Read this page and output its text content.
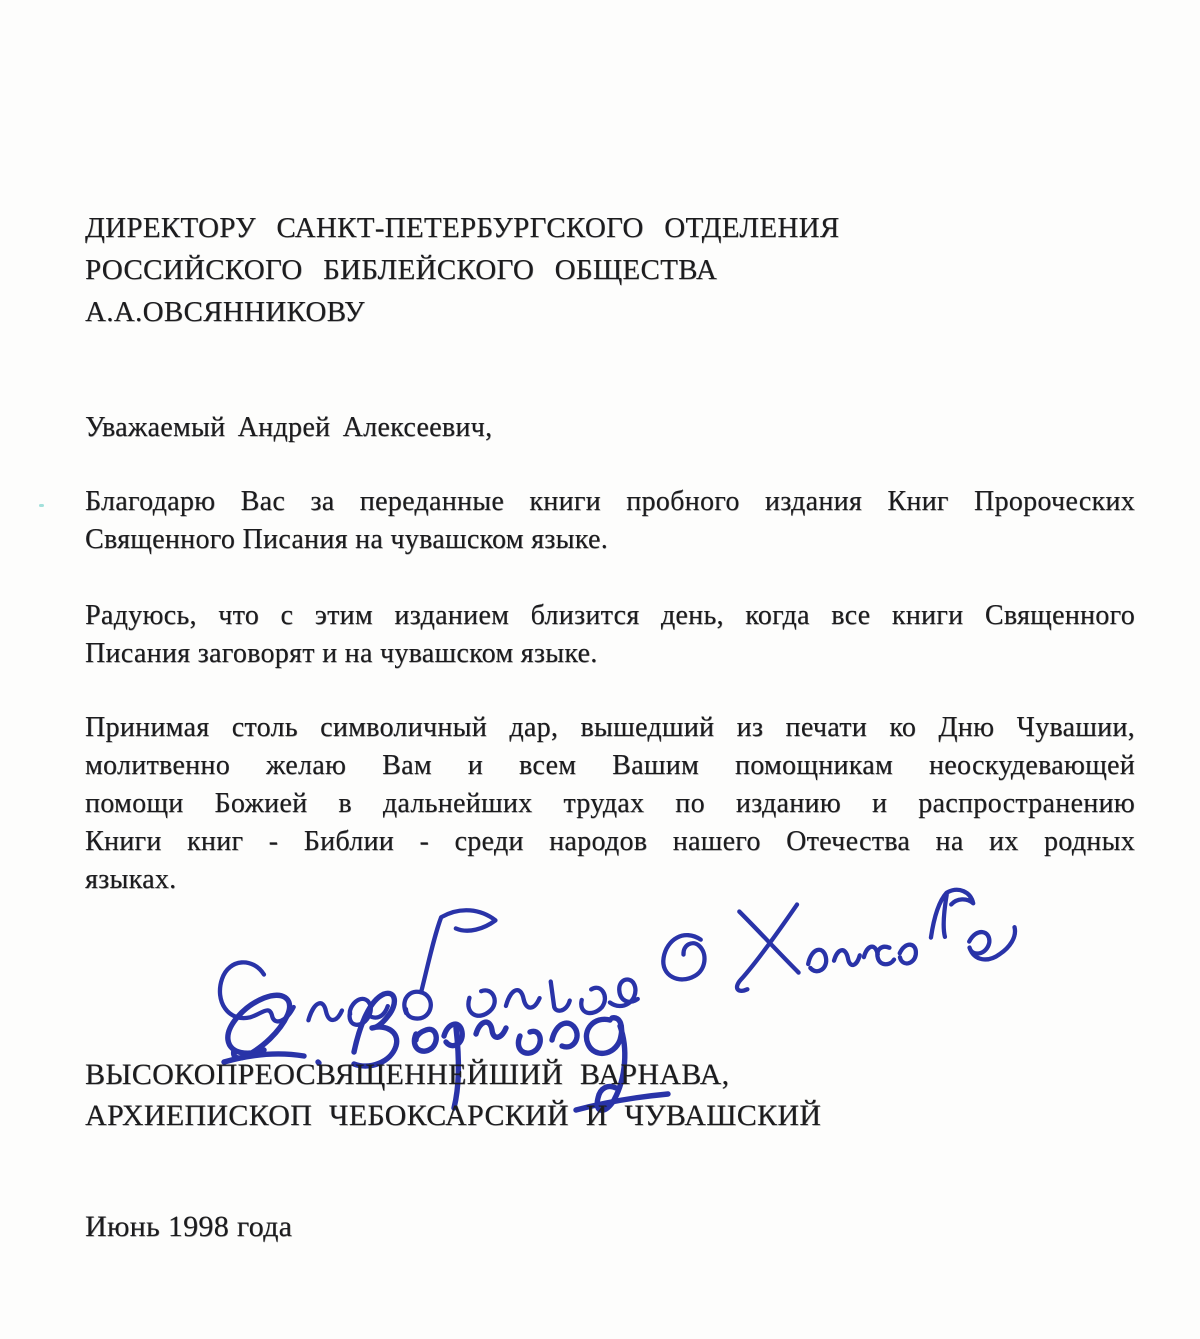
ДИРЕКТОРУ САНКТ-ПЕТЕРБУРГСКОГО ОТДЕЛЕНИЯ
РОССИЙСКОГО БИБЛЕЙСКОГО ОБЩЕСТВА
А.А.ОВСЯННИКОВУ
Уважаемый Андрей Алексеевич,
Благодарю Вас за переданные книги пробного издания Книг Пророческих
Священного Писания на чувашском языке.
Радуюсь, что с этим изданием близится день, когда все книги Священного
Писания заговорят и на чувашском языке.
Принимая столь символичный дар, вышедший из печати ко Дню Чувашии,
молитвенно желаю Вам и всем Вашим помощникам неоскудевающей
помощи Божией в дальнейших трудах по изданию и распространению
Книги книг - Библии - среди народов нашего Отечества на их родных
языках.
ВЫСОКОПРЕОСВЯЩЕННЕЙШИЙ ВАРНАВА,
АРХИЕПИСКОП ЧЕБОКСАРСКИЙ И ЧУВАШСКИЙ
Июнь 1998 года
